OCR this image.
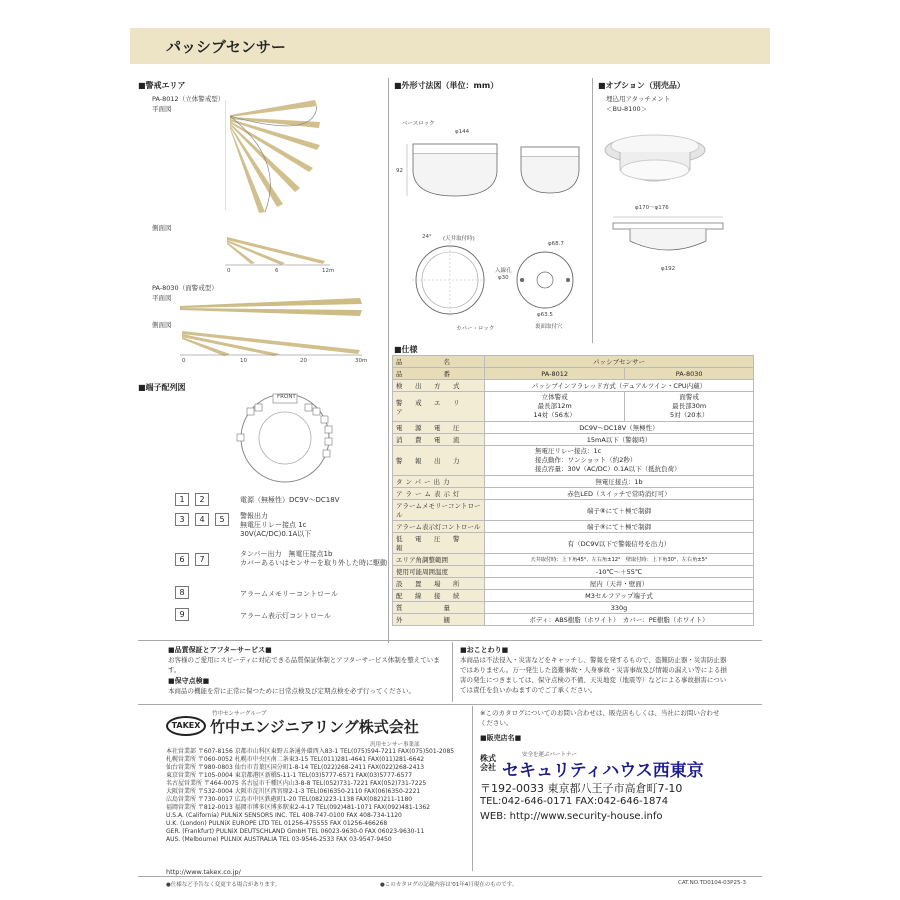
パッシブセンサー
■警戒エリア
PA-8012（立体警戒型）
平面図
側面図
0	6	12m
PA-8030（面警戒型）
平面図
側面図
0	10	20	30m
■端子配列図
FRONT
1	2	電源（無極性）DC9V～DC18V
3	4	5	警報出力
無電圧リレー接点 1c
30V(AC/DC)0.1A以下
6	7
タンパー出力　無電圧接点1b
カバーあるいはセンサーを取り外した時に駆動
8	アラームメモリーコントロール
9	アラーム表示灯コントロール
■外形寸法図（単位：mm）
ベースロック
φ144
92
24° (天井取付時)
カバー・ロック
φ68.7
入線孔
φ30
φ63.5
裏面取付穴
■オプション（別売品）
埋込用アタッチメント
＜BU-8100＞
φ170～φ176
φ192
■仕様
品　　　　名	パッシブセンサー	
品　　　　番	PA-8012	PA-8030
検　出　方　式	パッシブインフラレッド方式（デュアルツイン・CPU内蔵）	
警　戒　エ　リ　ア	立体警戒
最長部12m
14対（56本）	面警戒
最長部30m
5対（20本）
電　源　電　圧	DC9V～DC18V（無極性）	
消　費　電　流	15mA以下（警報時）	
警　報　出　力	無電圧リレー接点：1c
接点動作：ワンショット（約2秒）
接点容量：30V（AC/DC）0.1A以下（抵抗負荷）	
タンパー出力	無電圧接点：1b	
アラーム表示灯	赤色LED（スイッチで常時消灯可）	
アラームメモリーコントロール	端子⑧にて＋極で制御	
アラーム表示灯コントロール	端子⑨にて＋極で制御	
低　電　圧　警　報	有（DC9V以下で警報信号を出力）	
エリア角調整範囲	天井取付時：上下角45°、左右角±12°　壁取付時：上下角30°、左右角±5°	
使用可能周囲温度	-10℃～＋55℃	
設　置　場　所	屋内（天井・壁面）	
配　線　接　続	M3セルフアップ端子式	
質　　　　量	330g	
外　　　　観	ボディ：ABS樹脂（ホワイト）　カバー：PE樹脂（ホワイト）	
■品質保証とアフターサービス■
お客様のご愛用にスピーディに対応できる品質保証体制とアフターサービス体制を整えています。
■保守点検■
本商品の機能を常に正常に保つために日常点検及び定期点検を必ず行ってください。
■おことわり■
本商品は不法侵入・災害などをキャッチし、警報を発するもので、盗難防止器・災害防止器ではありません。万一発生した盗難事故・人身事故・災害事故及び情報の漏えい等による損害の発生につきましては、保守点検の不備、天災地変（地震等）などによる事故損害については責任を負いかねますのでご了承ください。
TAKEX
竹中センサーグループ
竹中エンジニアリング株式会社
汎用センサー事業部
本社営業部 〒607-8156 京都市山科区東野五条通外環西入83-1 TEL(075)594-7211 FAX(075)501-2085
札幌営業所 〒060-0052 札幌市中央区南二条東3-15 TEL(011)281-4641 FAX(011)281-6642
仙台営業所 〒980-0803 仙台市青葉区国分町1-8-14 TEL(022)268-2411 FAX(022)268-2413
東京営業所 〒105-0004 東京都港区新橋5-11-1 TEL(03)5777-6571 FAX(03)5777-6577
名古屋営業所 〒464-0075 名古屋市千種区内山3-8-8 TEL(052)731-7221 FAX(052)731-7225
大阪営業所 〒532-0004 大阪市淀川区西宮原2-1-3 TEL(06)6350-2110 FAX(06)6350-2221
広島営業所 〒730-0017 広島市中区鉄砲町1-20 TEL(082)223-1138 FAX(082)211-1180
福岡営業所 〒812-0013 福岡市博多区博多駅東2-4-17 TEL(092)481-1071 FAX(092)481-1362
U.S.A. (California) PULNiX SENSORS INC. TEL 408-747-0100 FAX 408-734-1120
U.K. (London) PULNiX EUROPE LTD TEL 01256-475555 FAX 01256-466268
GER. (Frankfurt) PULNiX DEUTSCHLAND GmbH TEL 06023-9630-0 FAX 06023-9630-11
AUS. (Melbourne) PULNiX AUSTRALIA TEL 03-9546-2533 FAX 03-9547-9450
http://www.takex.co.jp/
※このカタログについてのお問い合わせは、販売店もしくは、当社にお問い合わせください。
■販売店名■
安全を運ぶパートナー
株式
会社 セキュリティハウス西東京
〒192-0033 東京都八王子市高倉町7-10
TEL:042-646-0171 FAX:042-646-1874
WEB: http://www.security-house.info
●仕様など予告なく変更する場合があります。	●このカタログの記載内容は'01年4月現在のものです。	CAT.NO.TD0104-03P25-3
